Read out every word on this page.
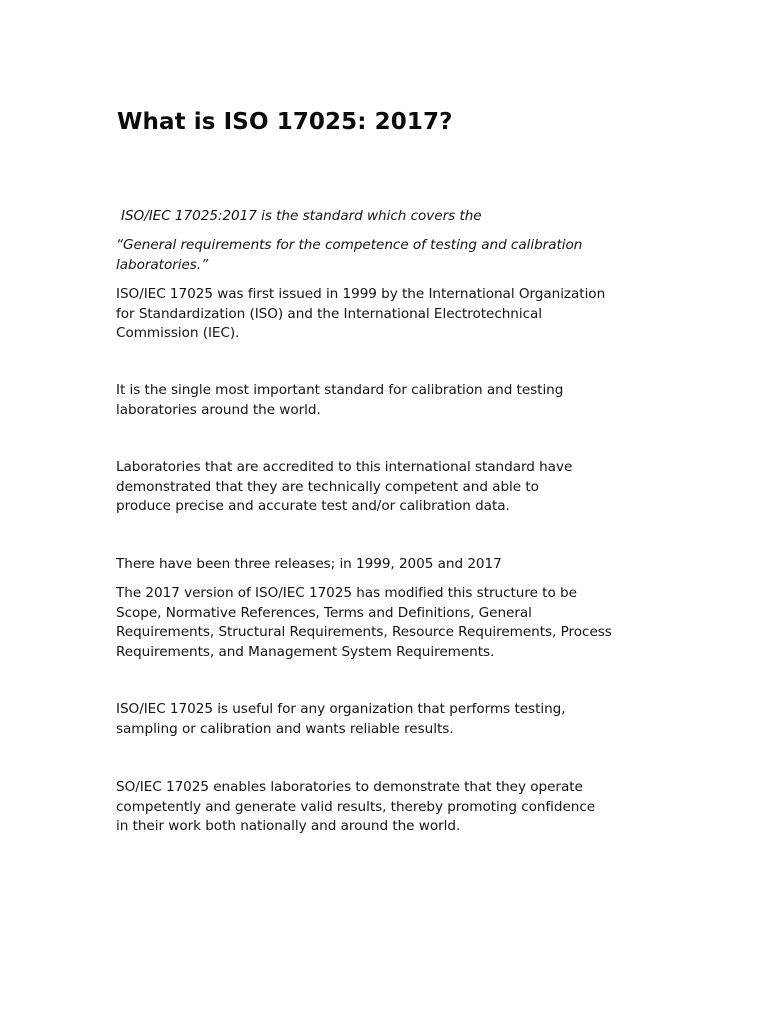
What is ISO 17025: 2017?

ISO/IEC 17025:2017 is the standard which covers the

“General requirements for the competence of testing and calibration
laboratories.”

ISO/IEC 17025 was first issued in 1999 by the International Organization
for Standardization (ISO) and the International Electrotechnical
Commission (IEC).

It is the single most important standard for calibration and testing
laboratories around the world.

Laboratories that are accredited to this international standard have
demonstrated that they are technically competent and able to
produce precise and accurate test and/or calibration data.

There have been three releases; in 1999, 2005 and 2017

The 2017 version of ISO/IEC 17025 has modified this structure to be
Scope, Normative References, Terms and Definitions, General
Requirements, Structural Requirements, Resource Requirements, Process
Requirements, and Management System Requirements.

ISO/IEC 17025 is useful for any organization that performs testing,
sampling or calibration and wants reliable results.

SO/IEC 17025 enables laboratories to demonstrate that they operate
competently and generate valid results, thereby promoting confidence
in their work both nationally and around the world.
